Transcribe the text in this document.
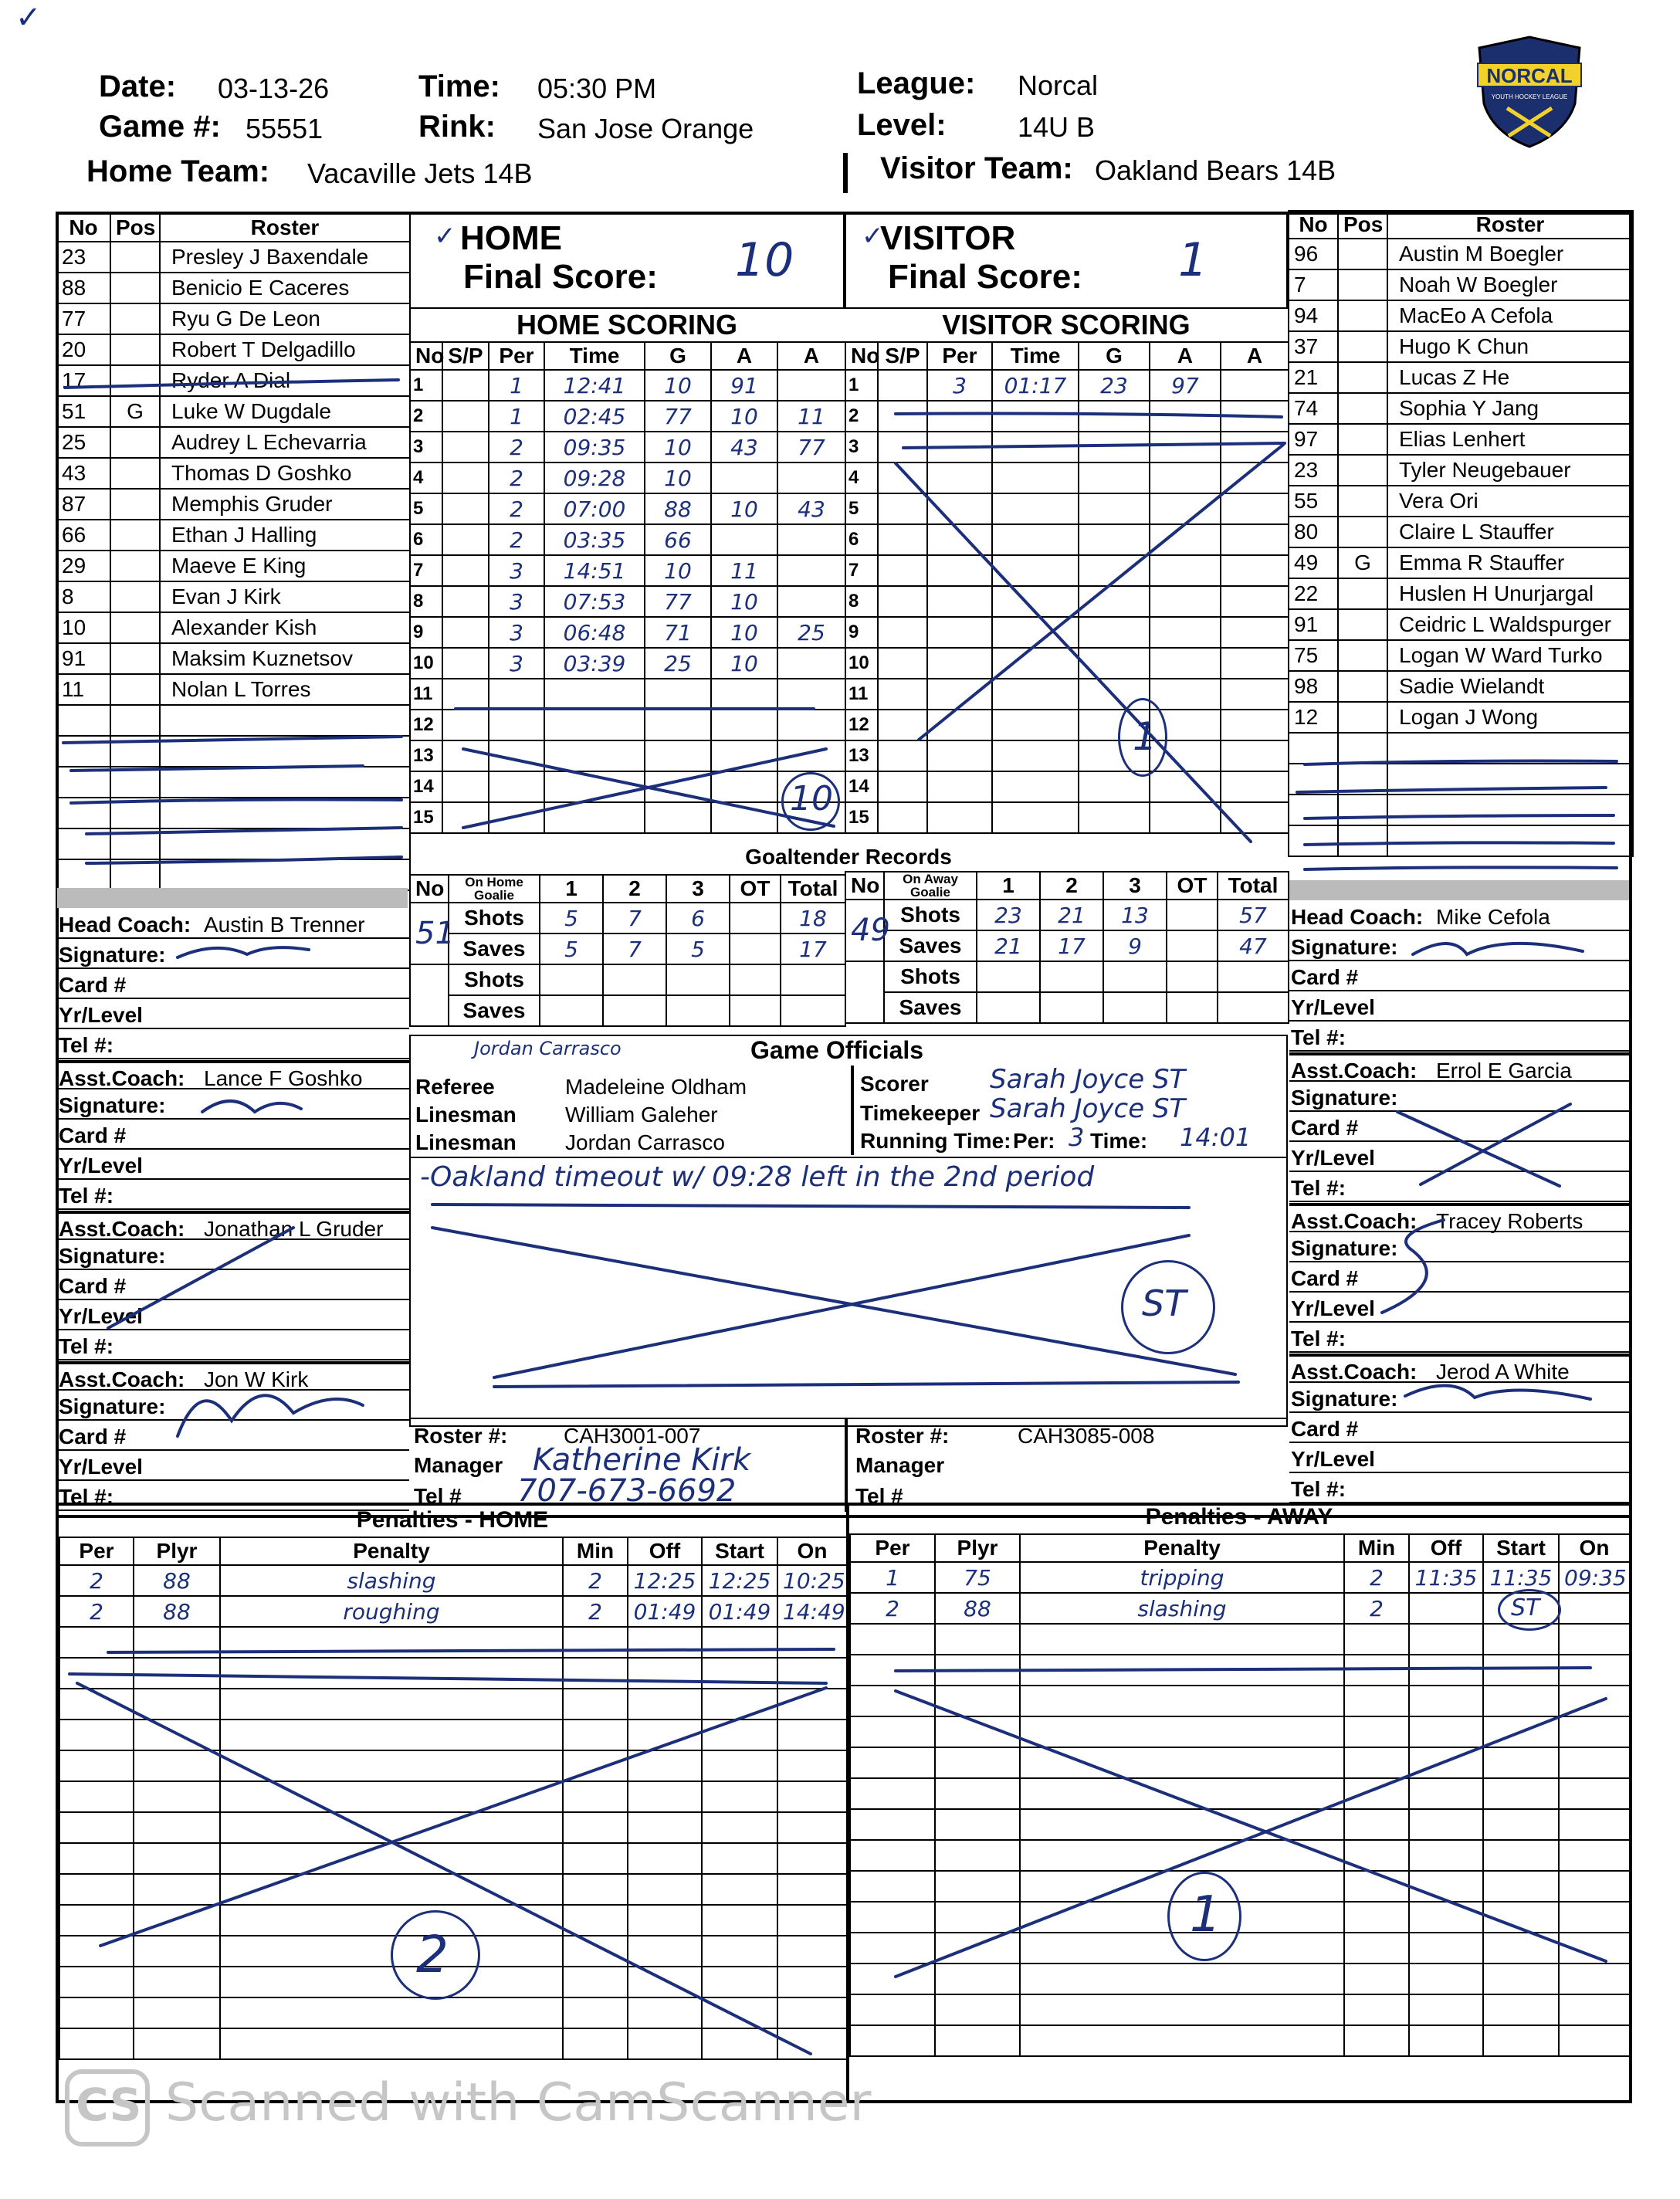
✓
Date: 03-13-26
Game #: 55551
Home Team: Vacaville Jets 14B
Time: 05:30 PM
Rink: San Jose Orange
League: Norcal
Level:	14U B
Visitor Team: Oakland Bears 14B
NORCAL
YOUTH HOCKEY LEAGUE
No	Pos	Roster
23		Presley J Baxendale
88		Benicio E Caceres
77		Ryu G De Leon
20		Robert T Delgadillo
17		Ryder A Dial
51	G	Luke W Dugdale
25		Audrey L Echevarria
43		Thomas D Goshko
87		Memphis Gruder
66		Ethan J Halling
29		Maeve E King
8		Evan J Kirk
10		Alexander Kish
91		Maksim Kuznetsov
11		Nolan L Torres

No	Pos	Roster
96		Austin M Boegler
7		Noah W Boegler
94		MacEo A Cefola
37		Hugo K Chun
21		Lucas Z He
74		Sophia Y Jang
97		Elias Lenhert
23		Tyler Neugebauer
55		Vera Ori
80		Claire L Stauffer
49	G	Emma R Stauffer
22		Huslen H Unurjargal
91		Ceidric L Waldspurger
75		Logan W Ward Turko
98		Sadie Wielandt
12		Logan J Wong

✓ HOME
Final Score: 10
HOME SCORING
No	S/P	Per	Time	G	A	A
1		1	12:41	10	91	
2		1	02:45	77	10	11
3		2	09:35	10	43	77
4		2	09:28	10		
5		2	07:00	88	10	43
6		2	03:35	66		
7		3	14:51	10	11	
8		3	07:53	77	10	
9		3	06:48	71	10	25
10		3	03:39	25	10	
11						
12						
13						
14						
15						
✓
VISITOR
Final Score: 1
VISITOR SCORING
No	S/P	Per	Time	G	A	A
1		3	01:17	23	97	
2						
3						
4						
5						
6						
7						
8						
9						
10						
11						
12						
13						
14						
15						
Goaltender Records
No	On Home Goalie	1	2	3	OT	Total
51	Shots	5	7	6		18
	Saves	5	7	5		17
	Shots					
	Saves					
No	On Away Goalie	1	2	3	OT	Total
49	Shots	23	21	13		57
	Saves	21	17	9		47
	Shots					
	Saves					
Jordan Carrasco	Game Officials
Referee	Madeleine Oldham
Linesman William Galeher
Linesman Jordan Carrasco
Scorer Sarah Joyce ST
Timekeeper Sarah Joyce ST
Running Time: Per: 3 Time: 14:01
-Oakland timeout w/ 09:28 left in the 2nd period
ST
Head Coach: Austin B Trenner
Signature:
Card #
Yr/Level
Tel #:
Asst.Coach: Lance F Goshko
Signature:
Card #
Yr/Level
Tel #:
Asst.Coach: Jonathan L Gruder
Signature:
Card #
Yr/Level
Tel #:
Asst.Coach: Jon W Kirk
Signature:
Card #
Yr/Level
Tel #:
Head Coach: Mike Cefola
Signature:
Card #
Yr/Level
Tel #:
Asst.Coach: Errol E Garcia
Signature:
Card #
Yr/Level
Tel #:
Asst.Coach: Tracey Roberts
Signature:
Card #
Yr/Level
Tel #:
Asst.Coach: Jerod A White
Signature:
Card #
Yr/Level
Tel #:
Roster #:	CAH3001-007
Manager Katherine Kirk
Tel # 707-673-6692
Roster #:	CAH3085-008
Manager
Tel #
Penalties - HOME	Penalties - AWAY
Per	Plyr	Penalty	Min	Off	Start	On
2	88	slashing	2	12:25	12:25	10:25
2	88	roughing	2	01:49	01:49	14:49

Per	Plyr	Penalty	Min	Off	Start	On
1	75	tripping	2	11:35	11:35	09:35
2	88	slashing	2			

10
1
2
1
ST
CS Scanned with CamScanner
